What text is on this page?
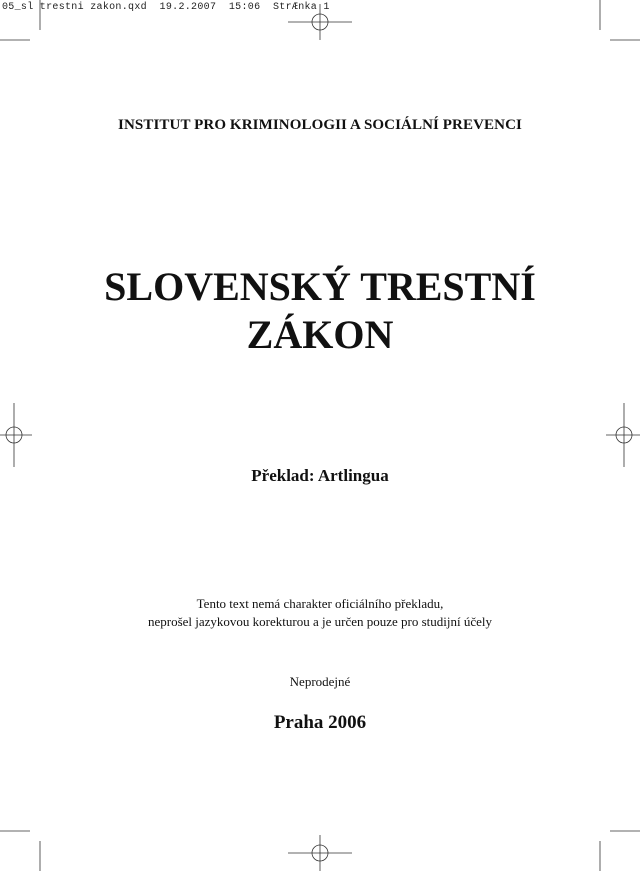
05_sl trestni zakon.qxd 19.2.2007 15:06 StrÆnka 1
INSTITUT PRO KRIMINOLOGII A SOCIÁLNÍ PREVENCI
SLOVENSKÝ TRESTNÍ
ZÁKON
Překlad: Artlingua
Tento text nemá charakter oficiálního překladu,
neprošel jazykovou korekturou a je určen pouze pro studijní účely
Neprodejné
Praha 2006
